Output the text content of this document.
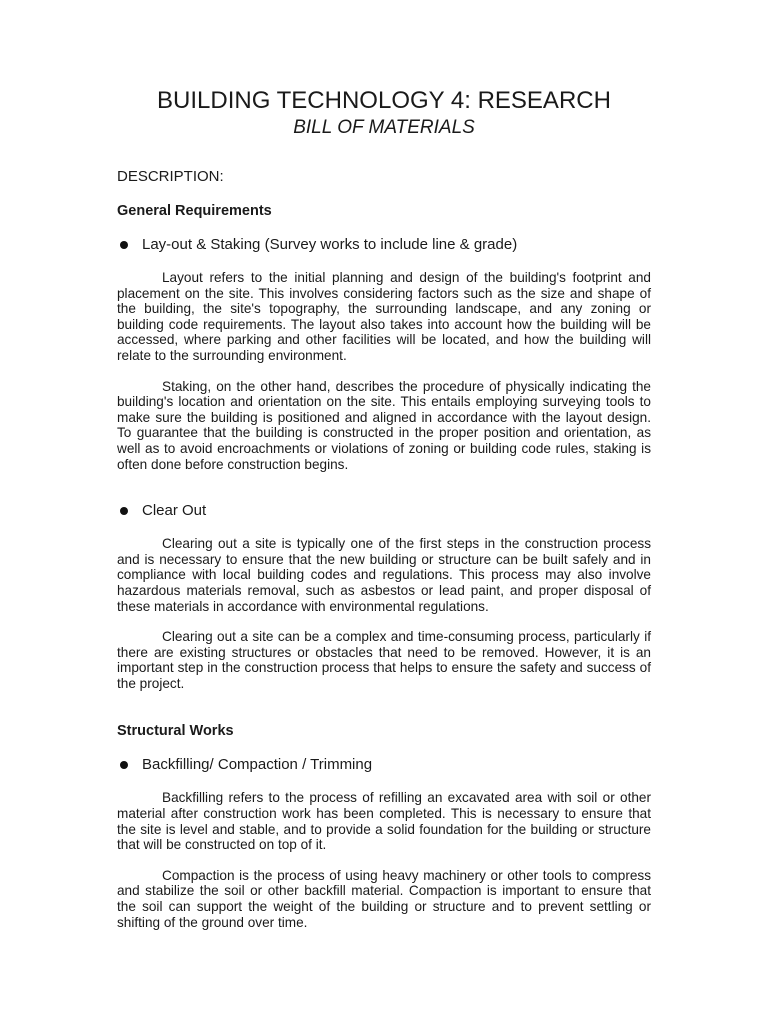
BUILDING TECHNOLOGY 4: RESEARCH
BILL OF MATERIALS

DESCRIPTION:

General Requirements

Lay-out & Staking (Survey works to include line & grade)

Layout refers to the initial planning and design of the building's footprint and placement on the site. This involves considering factors such as the size and shape of the building, the site's topography, the surrounding landscape, and any zoning or building code requirements. The layout also takes into account how the building will be accessed, where parking and other facilities will be located, and how the building will relate to the surrounding environment.

Staking, on the other hand, describes the procedure of physically indicating the building's location and orientation on the site. This entails employing surveying tools to make sure the building is positioned and aligned in accordance with the layout design. To guarantee that the building is constructed in the proper position and orientation, as well as to avoid encroachments or violations of zoning or building code rules, staking is often done before construction begins.

Clear Out

Clearing out a site is typically one of the first steps in the construction process and is necessary to ensure that the new building or structure can be built safely and in compliance with local building codes and regulations. This process may also involve hazardous materials removal, such as asbestos or lead paint, and proper disposal of these materials in accordance with environmental regulations.

Clearing out a site can be a complex and time-consuming process, particularly if there are existing structures or obstacles that need to be removed. However, it is an important step in the construction process that helps to ensure the safety and success of the project.

Structural Works

Backfilling/ Compaction / Trimming

Backfilling refers to the process of refilling an excavated area with soil or other material after construction work has been completed. This is necessary to ensure that the site is level and stable, and to provide a solid foundation for the building or structure that will be constructed on top of it.

Compaction is the process of using heavy machinery or other tools to compress and stabilize the soil or other backfill material. Compaction is important to ensure that the soil can support the weight of the building or structure and to prevent settling or shifting of the ground over time.
